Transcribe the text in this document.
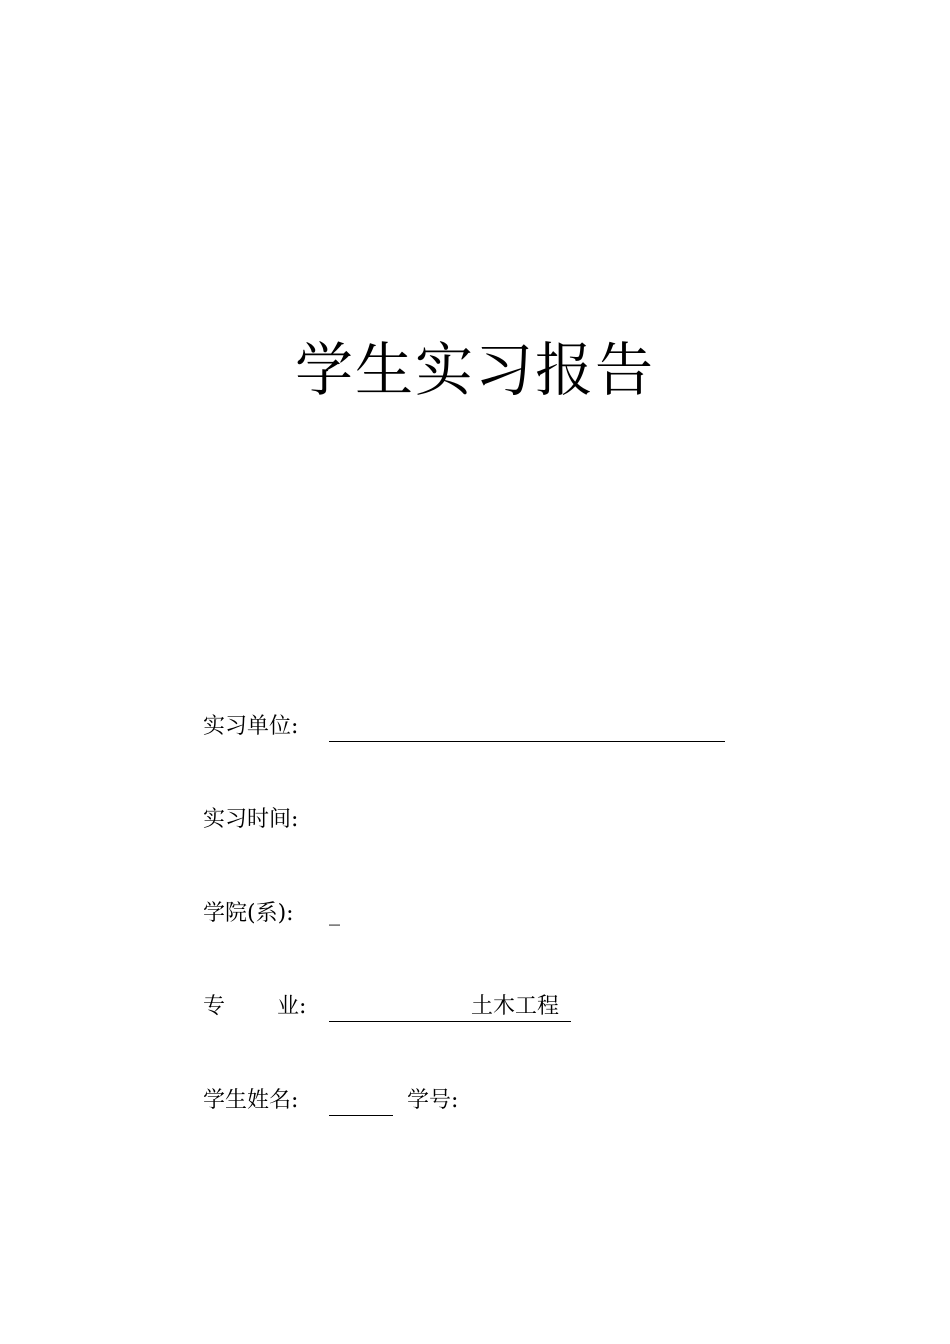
学生实习报告
实习单位:
实习时间:
学院(系): _
专 业:	土木工程
学生姓名:	学号:
